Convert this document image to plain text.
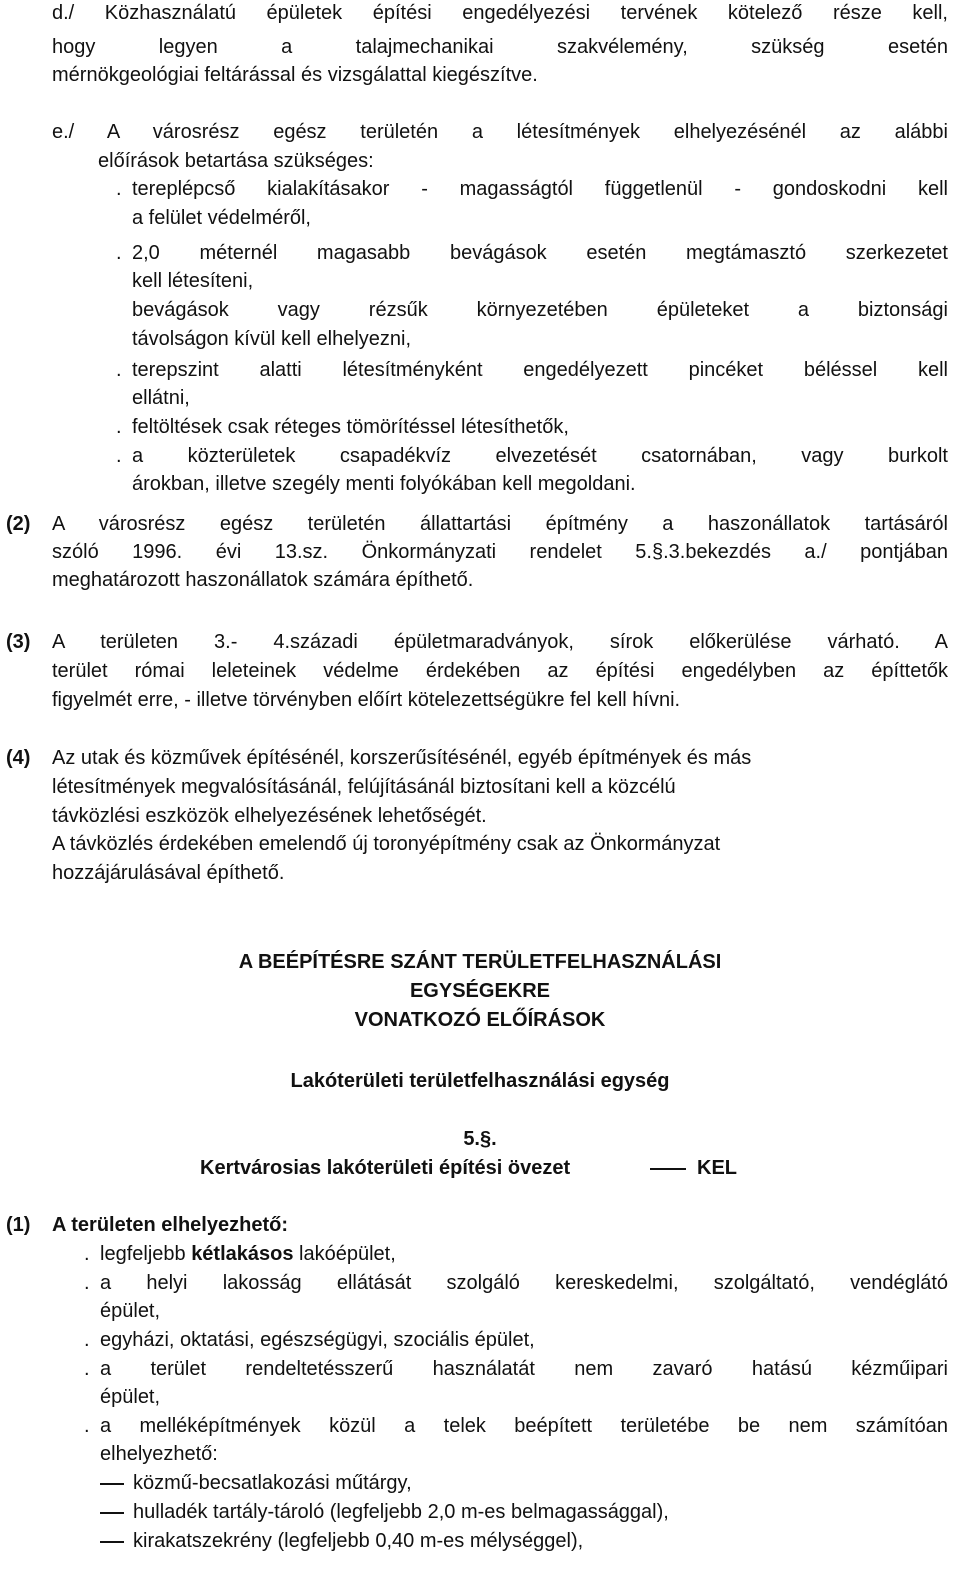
d./ Közhasználatú épületek építési engedélyezési tervének kötelező része kell,
hogy legyen a talajmechanikai szakvélemény, szükség esetén
mérnökgeológiai feltárással és vizsgálattal kiegészítve.
e./ A városrész egész területén a létesítmények elhelyezésénél az alábbi
előírások betartása szükséges:
. tereplépcső kialakításakor - magasságtól függetlenül - gondoskodni kell
a felület védelméről,
. 2,0 méternél magasabb bevágások esetén megtámasztó szerkezetet
kell létesíteni,
bevágások vagy rézsűk környezetében épületeket a biztonsági
távolságon kívül kell elhelyezni,
. terepszint alatti létesítményként engedélyezett pincéket béléssel kell
ellátni,
. feltöltések csak réteges tömörítéssel létesíthetők,
. a közterületek csapadékvíz elvezetését csatornában, vagy burkolt
árokban, illetve szegély menti folyókában kell megoldani.
(2) A városrész egész területén állattartási építmény a haszonállatok tartásáról
szóló 1996. évi 13.sz. Önkormányzati rendelet 5.§.3.bekezdés a./ pontjában
meghatározott haszonállatok számára építhető.
(3) A területen 3.- 4.századi épületmaradványok, sírok előkerülése várható. A
terület római leleteinek védelme érdekében az építési engedélyben az építtetők
figyelmét erre, - illetve törvényben előírt kötelezettségükre fel kell hívni.
(4) Az utak és közművek építésénél, korszerűsítésénél, egyéb építmények és más
létesítmények megvalósításánál, felújításánál biztosítani kell a közcélú
távközlési eszközök elhelyezésének lehetőségét.
A távközlés érdekében emelendő új toronyépítmény csak az Önkormányzat
hozzájárulásával építhető.
A BEÉPÍTÉSRE SZÁNT TERÜLETFELHASZNÁLÁSI
EGYSÉGEKRE
VONATKOZÓ ELŐÍRÁSOK
Lakóterületi területfelhasználási egység
5.§.
Kertvárosias lakóterületi építési övezet	KEL
(1) A területen elhelyezhető:
. legfeljebb kétlakásos lakóépület,
. a helyi lakosság ellátását szolgáló kereskedelmi, szolgáltató, vendéglátó
épület,
. egyházi, oktatási, egészségügyi, szociális épület,
. a terület rendeltetésszerű használatát nem zavaró hatású kézműipari
épület,
. a melléképítmények közül a telek beépített területébe be nem számítóan
elhelyezhető:
közmű-becsatlakozási műtárgy,
hulladék tartály-tároló (legfeljebb 2,0 m-es belmagassággal),
kirakatszekrény (legfeljebb 0,40 m-es mélységgel),
